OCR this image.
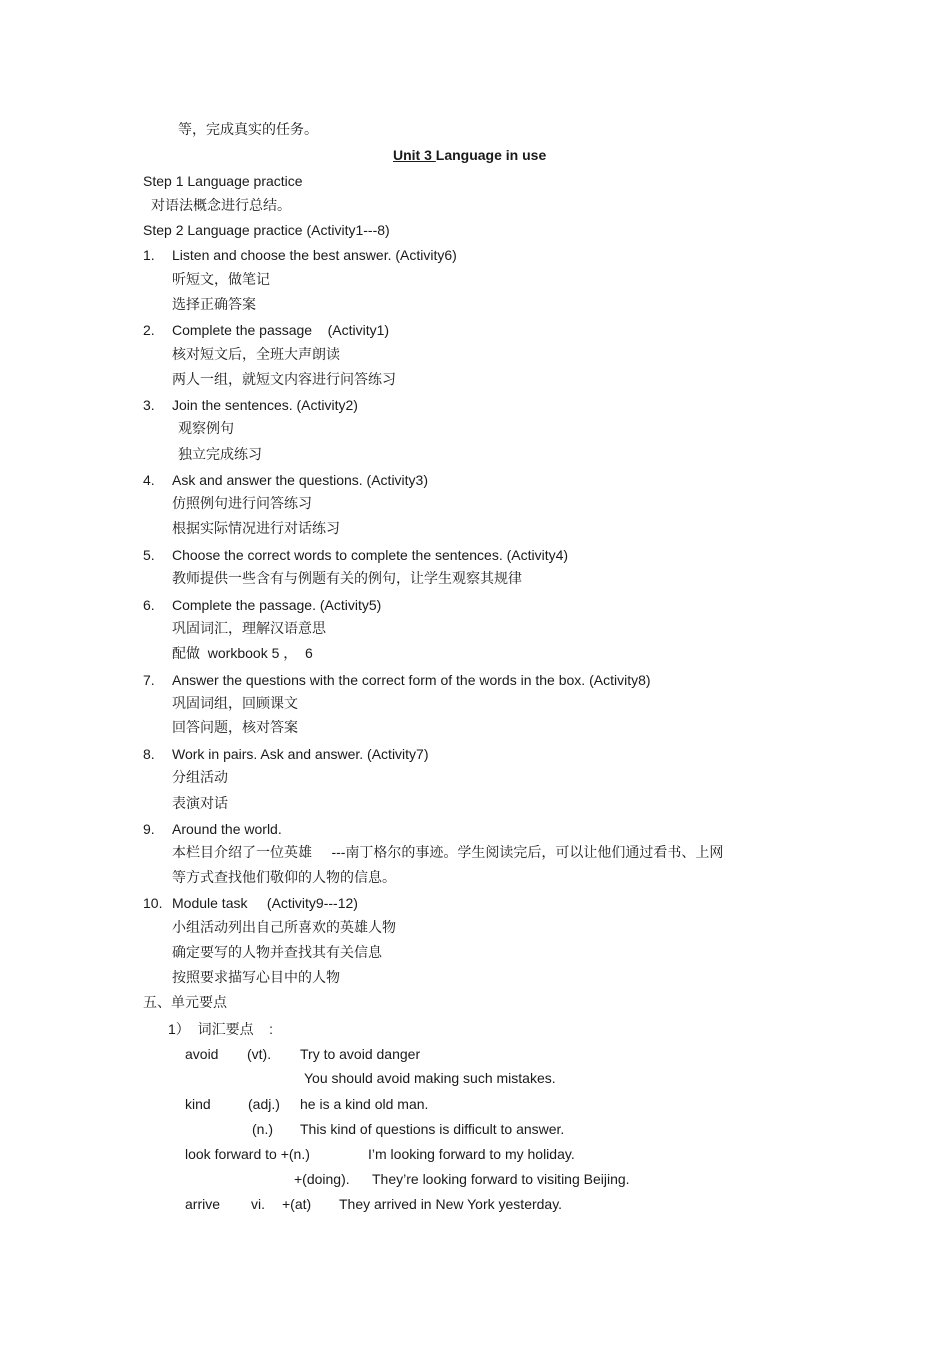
等，完成真实的任务。
Unit 3 Language in use
Step 1 Language practice
对语法概念进行总结。
Step 2 Language practice (Activity1---8)
1. Listen and choose the best answer. (Activity6)
听短文，做笔记
选择正确答案
2. Complete the passage    (Activity1)
核对短文后，全班大声朗读
两人一组，就短文内容进行问答练习
3. Join the sentences. (Activity2)
观察例句
独立完成练习
4. Ask and answer the questions. (Activity3)
仿照例句进行问答练习
根据实际情况进行对话练习
5. Choose the correct words to complete the sentences. (Activity4)
教师提供一些含有与例题有关的例句，让学生观察其规律
6. Complete the passage. (Activity5)
巩固词汇，理解汉语意思
配做  workbook 5 ，  6
7. Answer the questions with the correct form of the words in the box. (Activity8)
巩固词组，回顾课文
回答问题，核对答案
8. Work in pairs. Ask and answer. (Activity7)
分组活动
表演对话
9. Around the world.
本栏目介绍了一位英雄     ---南丁格尔的事迹。学生阅读完后，可以让他们通过看书、上网
等方式查找他们敬仰的人物的信息。
10. Module task     (Activity9---12)
小组活动列出自己所喜欢的英雄人物
确定要写的人物并查找其有关信息
按照要求描写心目中的人物
五、单元要点
1）  词汇要点    :
avoid (vt). Try to avoid danger
You should avoid making such mistakes.
kind	(adj.) he is a kind old man.
(n.) This kind of questions is difficult to answer.
look forward to +(n.)	I’m looking forward to my holiday.
+(doing). They’re looking forward to visiting Beijing.
arrive vi. +(at) They arrived in New York yesterday.
